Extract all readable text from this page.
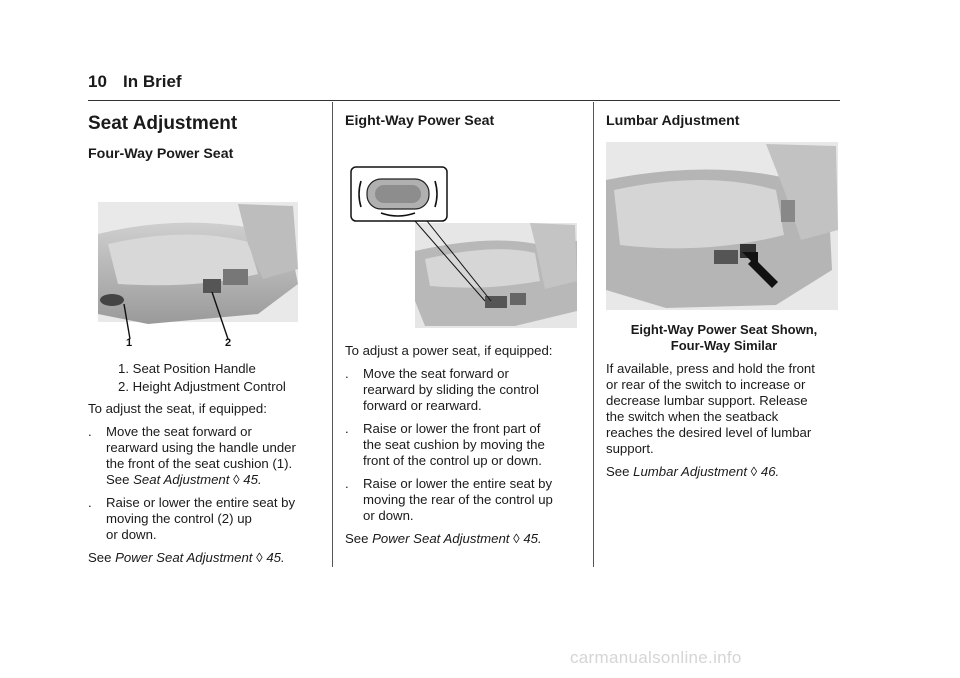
10 In Brief
Seat Adjustment
Four-Way Power Seat
1	2

1. Seat Position Handle

2. Height Adjustment Control

To adjust the seat, if equipped:

. Move the seat forward or
rearward using the handle under
the front of the seat cushion (1).
See Seat Adjustment ◊ 45.
. Raise or lower the entire seat by
moving the control (2) up
or down.

See Power Seat Adjustment ◊ 45.

Eight-Way Power Seat

To adjust a power seat, if equipped:

. Move the seat forward or
rearward by sliding the control
forward or rearward.
. Raise or lower the front part of
the seat cushion by moving the
front of the control up or down.
. Raise or lower the entire seat by
moving the rear of the control up
or down.

See Power Seat Adjustment ◊ 45.

Lumbar Adjustment
Eight-Way Power Seat Shown,
Four-Way Similar
If available, press and hold the front
or rear of the switch to increase or
decrease lumbar support. Release
the switch when the seatback
reaches the desired level of lumbar
support.

See Lumbar Adjustment ◊ 46.

carmanualsonline.info
